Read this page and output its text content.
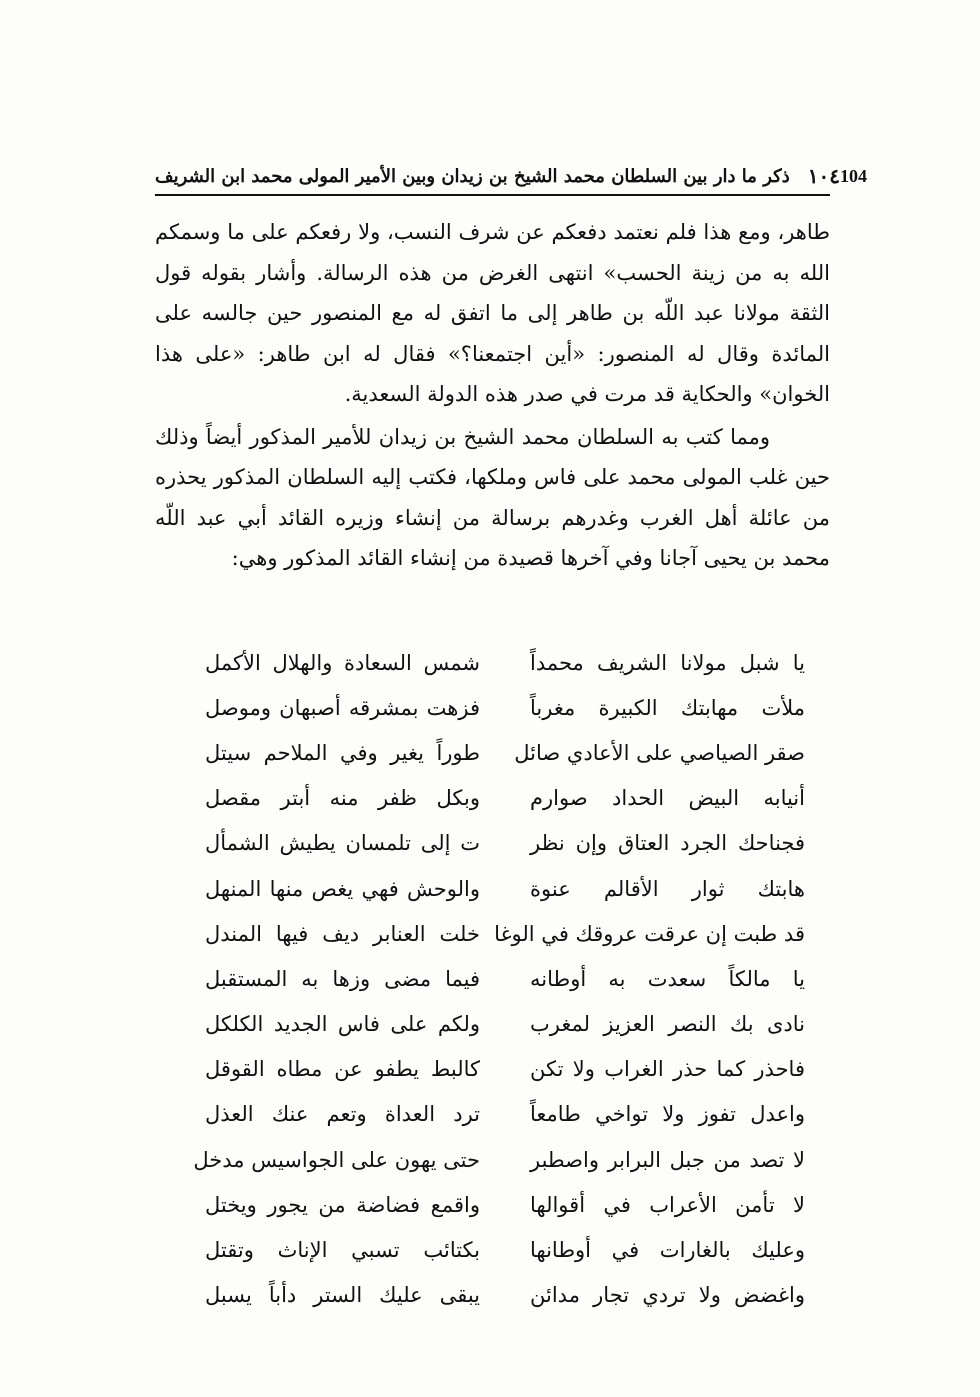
١٠٤
ذكر ما دار بين السلطان محمد الشيخ بن زيدان وبين الأمير المولى محمد ابن الشريف	104

طاهر، ومع هذا فلم نعتمد دفعكم عن شرف النسب، ولا رفعكم على ما وسمكم الله به من زينة الحسب» انتهى الغرض من هذه الرسالة. وأشار بقوله قول الثقة مولانا عبد اللّه بن طاهر إلى ما اتفق له مع المنصور حين جالسه على المائدة وقال له المنصور: «أين اجتمعنا؟» فقال له ابن طاهر: «على هذا الخوان» والحكاية قد مرت في صدر هذه الدولة السعدية.

ومما كتب به السلطان محمد الشيخ بن زيدان للأمير المذكور أيضاً وذلك حين غلب المولى محمد على فاس وملكها، فكتب إليه السلطان المذكور يحذره من عائلة أهل الغرب وغدرهم برسالة من إنشاء وزيره القائد أبي عبد اللّه محمد بن يحيى آجانا وفي آخرها قصيدة من إنشاء القائد المذكور وهي:

يا شبل مولانا الشريف محمداً
شمس السعادة والهلال الأكمل
ملأت مهابتك الكبيرة مغرباً
فزهت بمشرقه أصبهان وموصل
صقر الصياصي على الأعادي صائل
طوراً يغير وفي الملاحم سيتل
أنيابه البيض الحداد صوارم
وبكل ظفر منه أبتر مقصل
فجناحك الجرد العتاق وإن نظر
ت إلى تلمسان يطيش الشمأل
هابتك ثوار الأقالم عنوة
والوحش فهي يغص منها المنهل
قد طبت إن عرقت عروقك في الوغا
خلت العنابر ديف فيها المندل
يا مالكاً سعدت به أوطانه
فيما مضى وزها به المستقبل
نادى بك النصر العزيز لمغرب
ولكم على فاس الجديد الكلكل
فاحذر كما حذر الغراب ولا تكن
كالبط يطفو عن مطاه القوقل
واعدل تفوز ولا تواخي طامعاً
ترد العداة وتعم عنك العذل
لا تصد من جبل البرابر واصطبر
حتى يهون على الجواسيس مدخل
لا تأمن الأعراب في أقوالها
واقمع فضاضة من يجور ويختل
وعليك بالغارات في أوطانها
بكتائب تسبي الإناث وتقتل
واغضض ولا تردي تجار مدائن
يبقى عليك الستر دأباً يسبل
